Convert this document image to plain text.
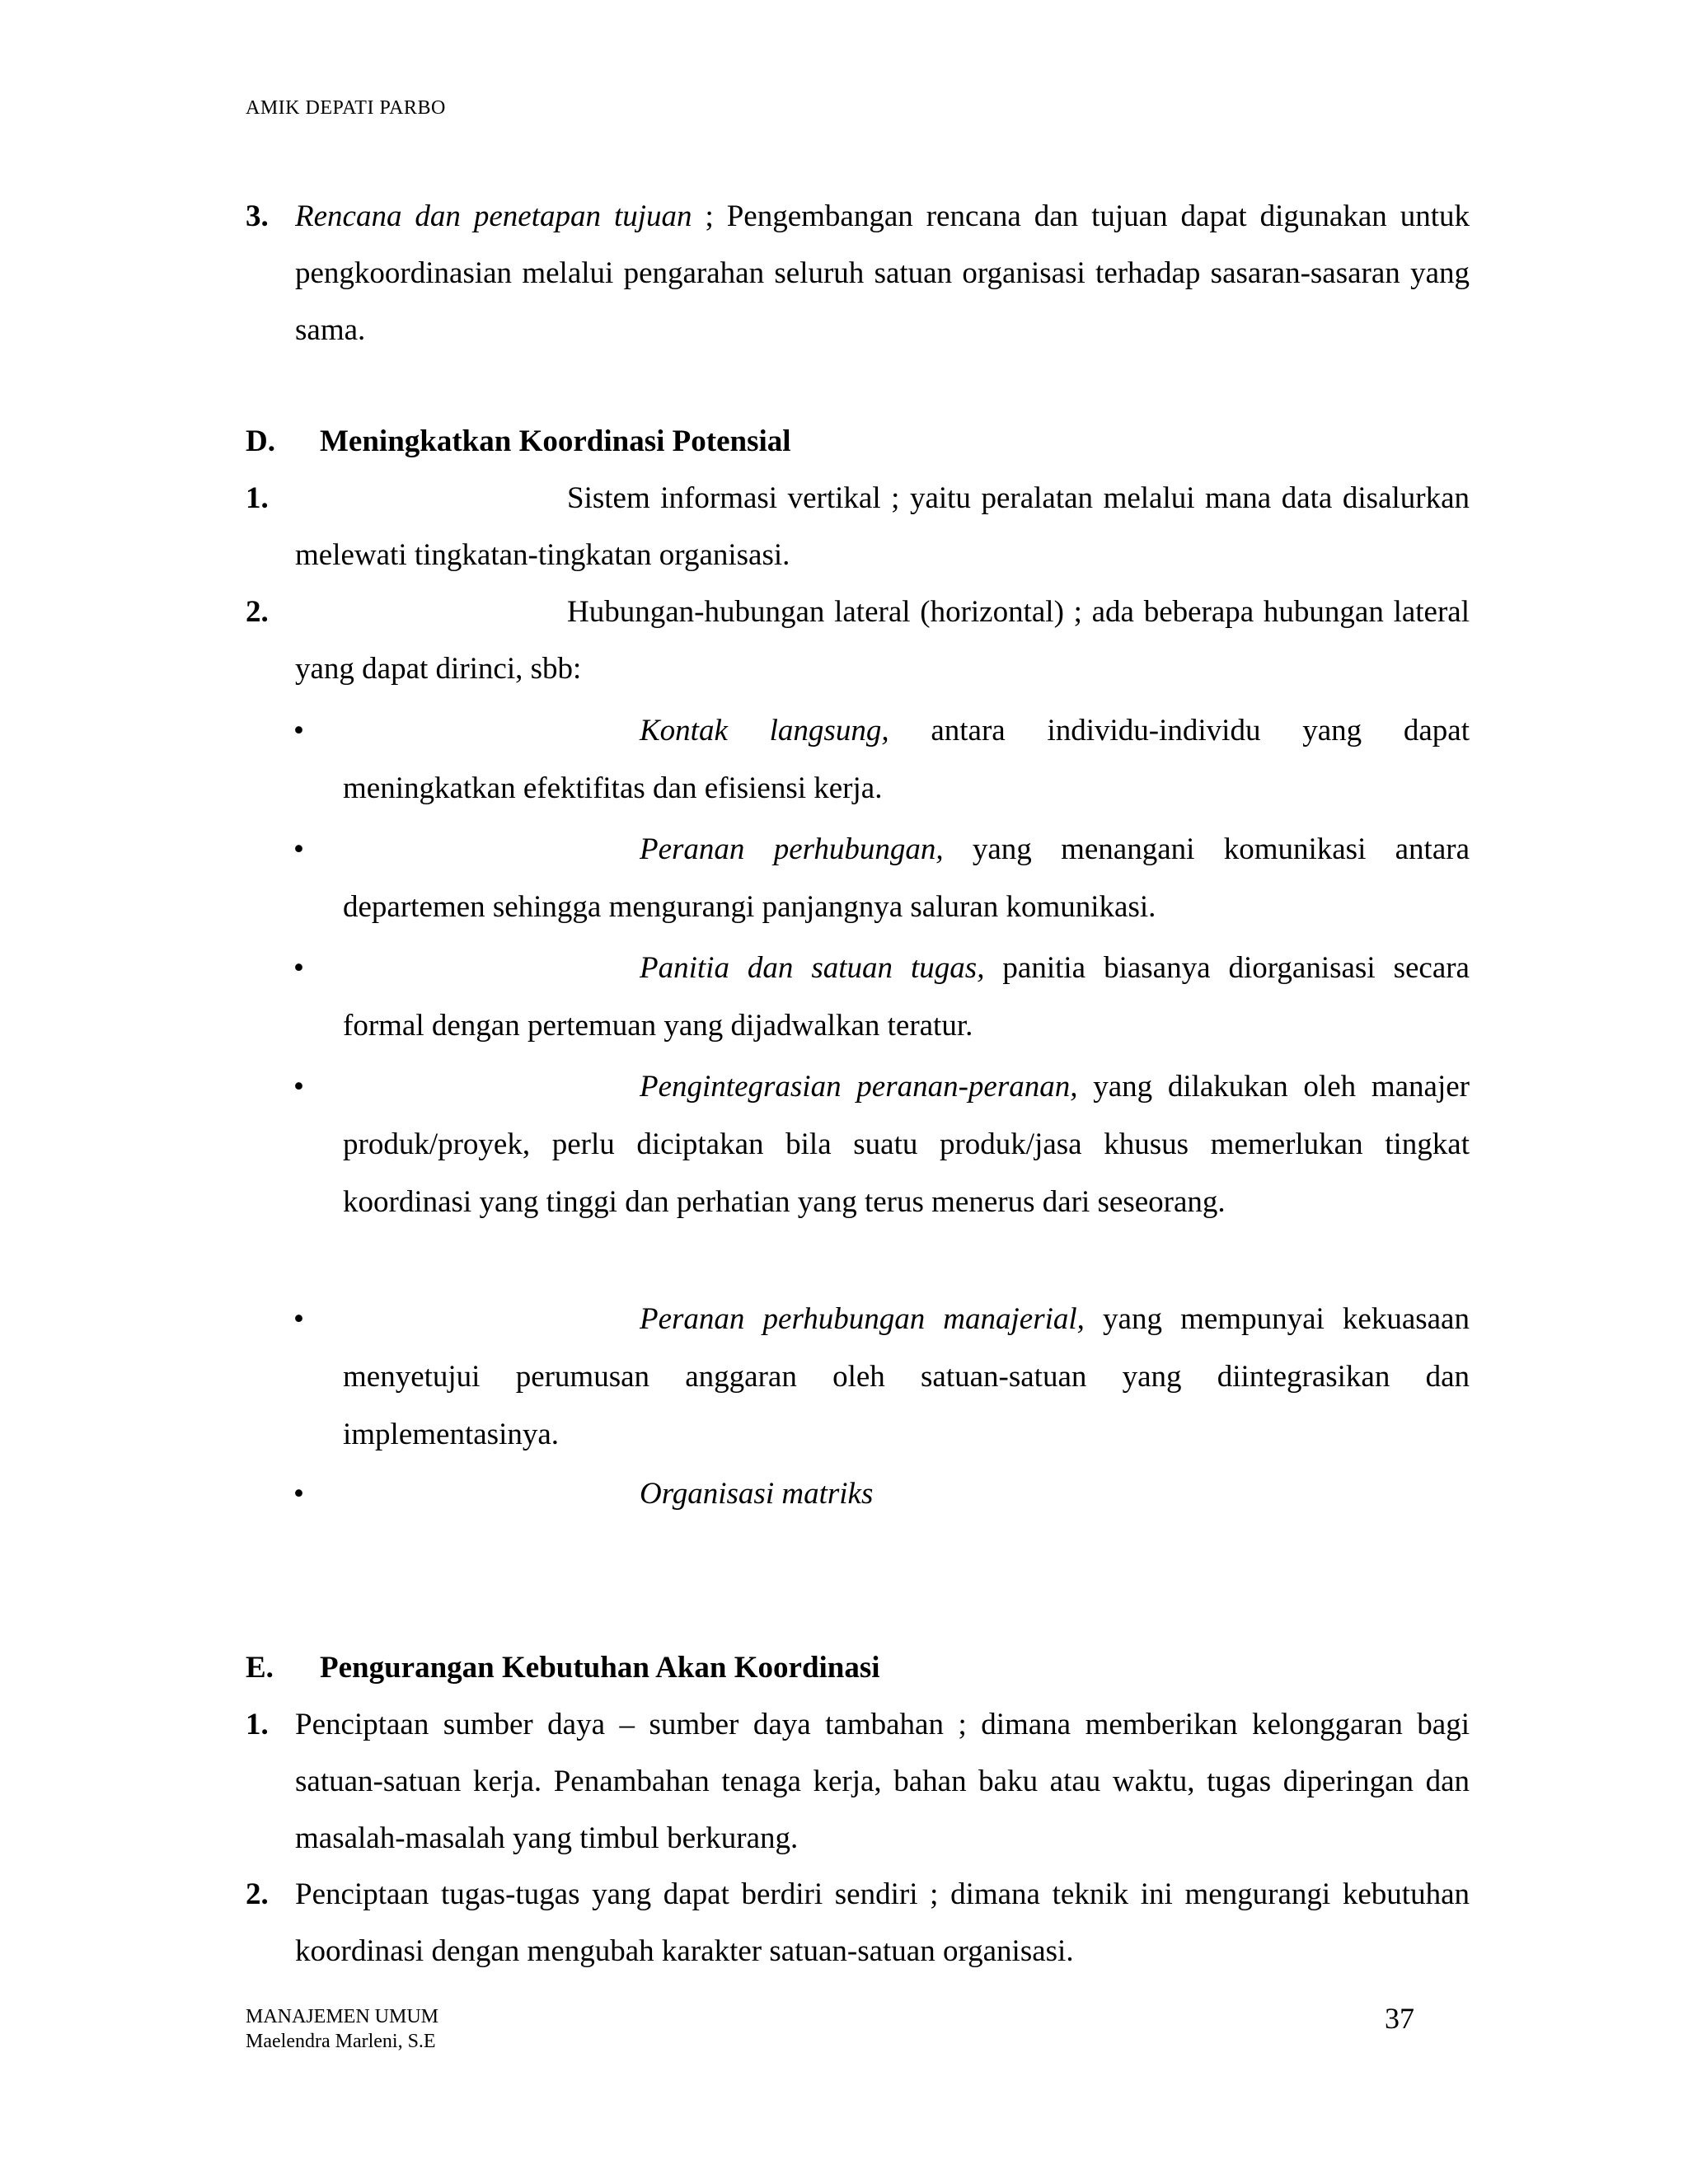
AMIK DEPATI PARBO
3. Rencana dan penetapan tujuan ; Pengembangan rencana dan tujuan dapat digunakan untuk pengkoordinasian melalui pengarahan seluruh satuan organisasi terhadap sasaran-sasaran yang sama.
D. Meningkatkan Koordinasi Potensial
1.	Sistem informasi vertikal ; yaitu peralatan melalui mana data disalurkan melewati tingkatan-tingkatan organisasi.
2.	Hubungan-hubungan lateral (horizontal) ; ada beberapa hubungan lateral yang dapat dirinci, sbb:
•	Kontak langsung, antara individu-individu yang dapat meningkatkan efektifitas dan efisiensi kerja.
•	Peranan perhubungan, yang menangani komunikasi antara departemen sehingga mengurangi panjangnya saluran komunikasi.
•	Panitia dan satuan tugas, panitia biasanya diorganisasi secara formal dengan pertemuan yang dijadwalkan teratur.
•	Pengintegrasian peranan-peranan, yang dilakukan oleh manajer produk/proyek, perlu diciptakan bila suatu produk/jasa khusus memerlukan tingkat koordinasi yang tinggi dan perhatian yang terus menerus dari seseorang.
•	Peranan perhubungan manajerial, yang mempunyai kekuasaan menyetujui perumusan anggaran oleh satuan-satuan yang diintegrasikan dan implementasinya.
•	Organisasi matriks
E. Pengurangan Kebutuhan Akan Koordinasi
1. Penciptaan sumber daya – sumber daya tambahan ; dimana memberikan kelonggaran bagi satuan-satuan kerja. Penambahan tenaga kerja, bahan baku atau waktu, tugas diperingan dan masalah-masalah yang timbul berkurang.
2. Penciptaan tugas-tugas yang dapat berdiri sendiri ; dimana teknik ini mengurangi kebutuhan koordinasi dengan mengubah karakter satuan-satuan organisasi.
MANAJEMEN UMUM
Maelendra Marleni, S.E
37
